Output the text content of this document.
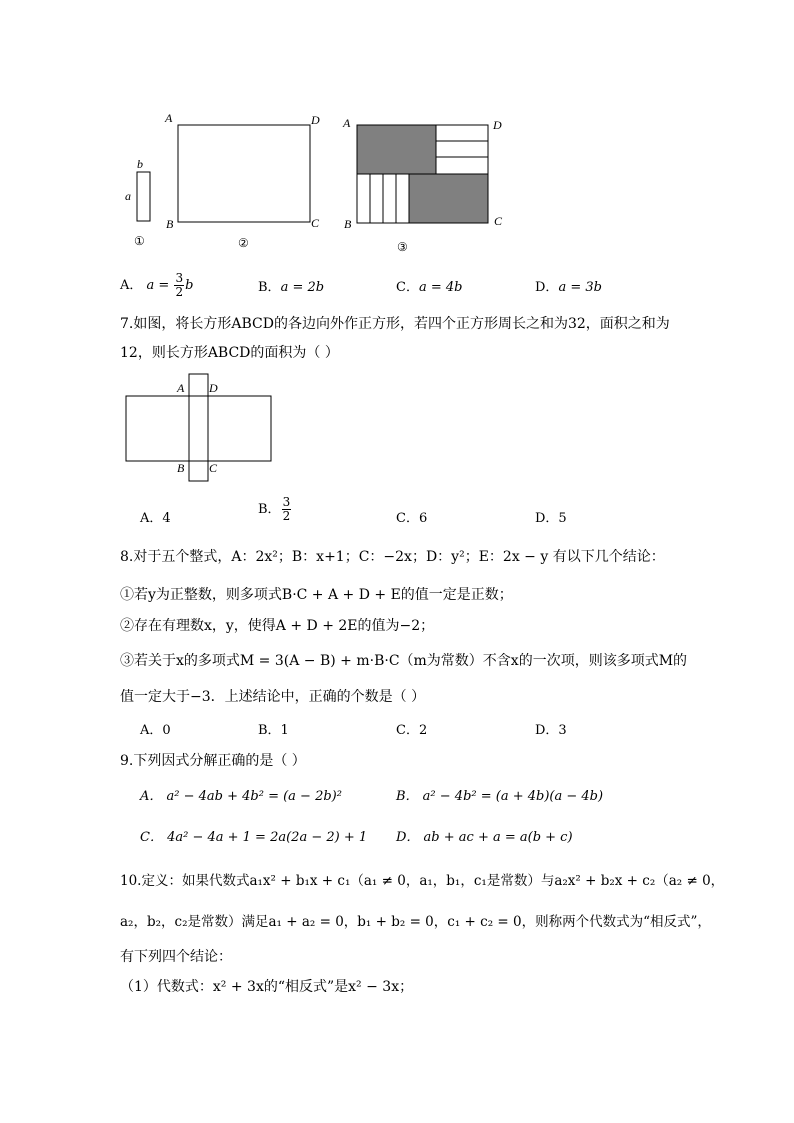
b
a
①
A	D
B	C
②
A	D
B	C
③
A． $a = \frac{3}{2}$ b	B．a = 2b	C．a = 4b	D．a = 3b
7.如图，将长方形ABCD的各边向外作正方形，若四个正方形周长之和为32，面积之和为
12，则长方形ABCD的面积为（ ）
A D
B C
A．4
B． $\frac{3}{2}$	C．6	D．5
8.对于五个整式，A：2x²；B：x+1；C：−2x；D：y²；E：2x − y 有以下几个结论：
①若y为正整数，则多项式B·C + A + D + E的值一定是正数；
②存在有理数x，y，使得A + D + 2E的值为−2；
③若关于x的多项式M = 3(A − B) + m·B·C（m为常数）不含x的一次项，则该多项式M的
值一定大于−3．上述结论中，正确的个数是（ ）
A．0	B．1	C．2	D．3
9.下列因式分解正确的是（ ）
A． a² − 4ab + 4b² = (a − 2b)²	B． a² − 4b² = (a + 4b)(a − 4b)
C． 4a² − 4a + 1 = 2a(2a − 2) + 1 D． ab + ac + a = a(b + c)
10.定义：如果代数式a₁x² + b₁x + c₁（a₁ ≠ 0，a₁，b₁，c₁是常数）与a₂x² + b₂x + c₂（a₂ ≠ 0，
a₂，b₂，c₂是常数）满足a₁ + a₂ = 0，b₁ + b₂ = 0，c₁ + c₂ = 0，则称两个代数式为“相反式”，
有下列四个结论：
（1）代数式：x² + 3x的“相反式”是x² − 3x；
